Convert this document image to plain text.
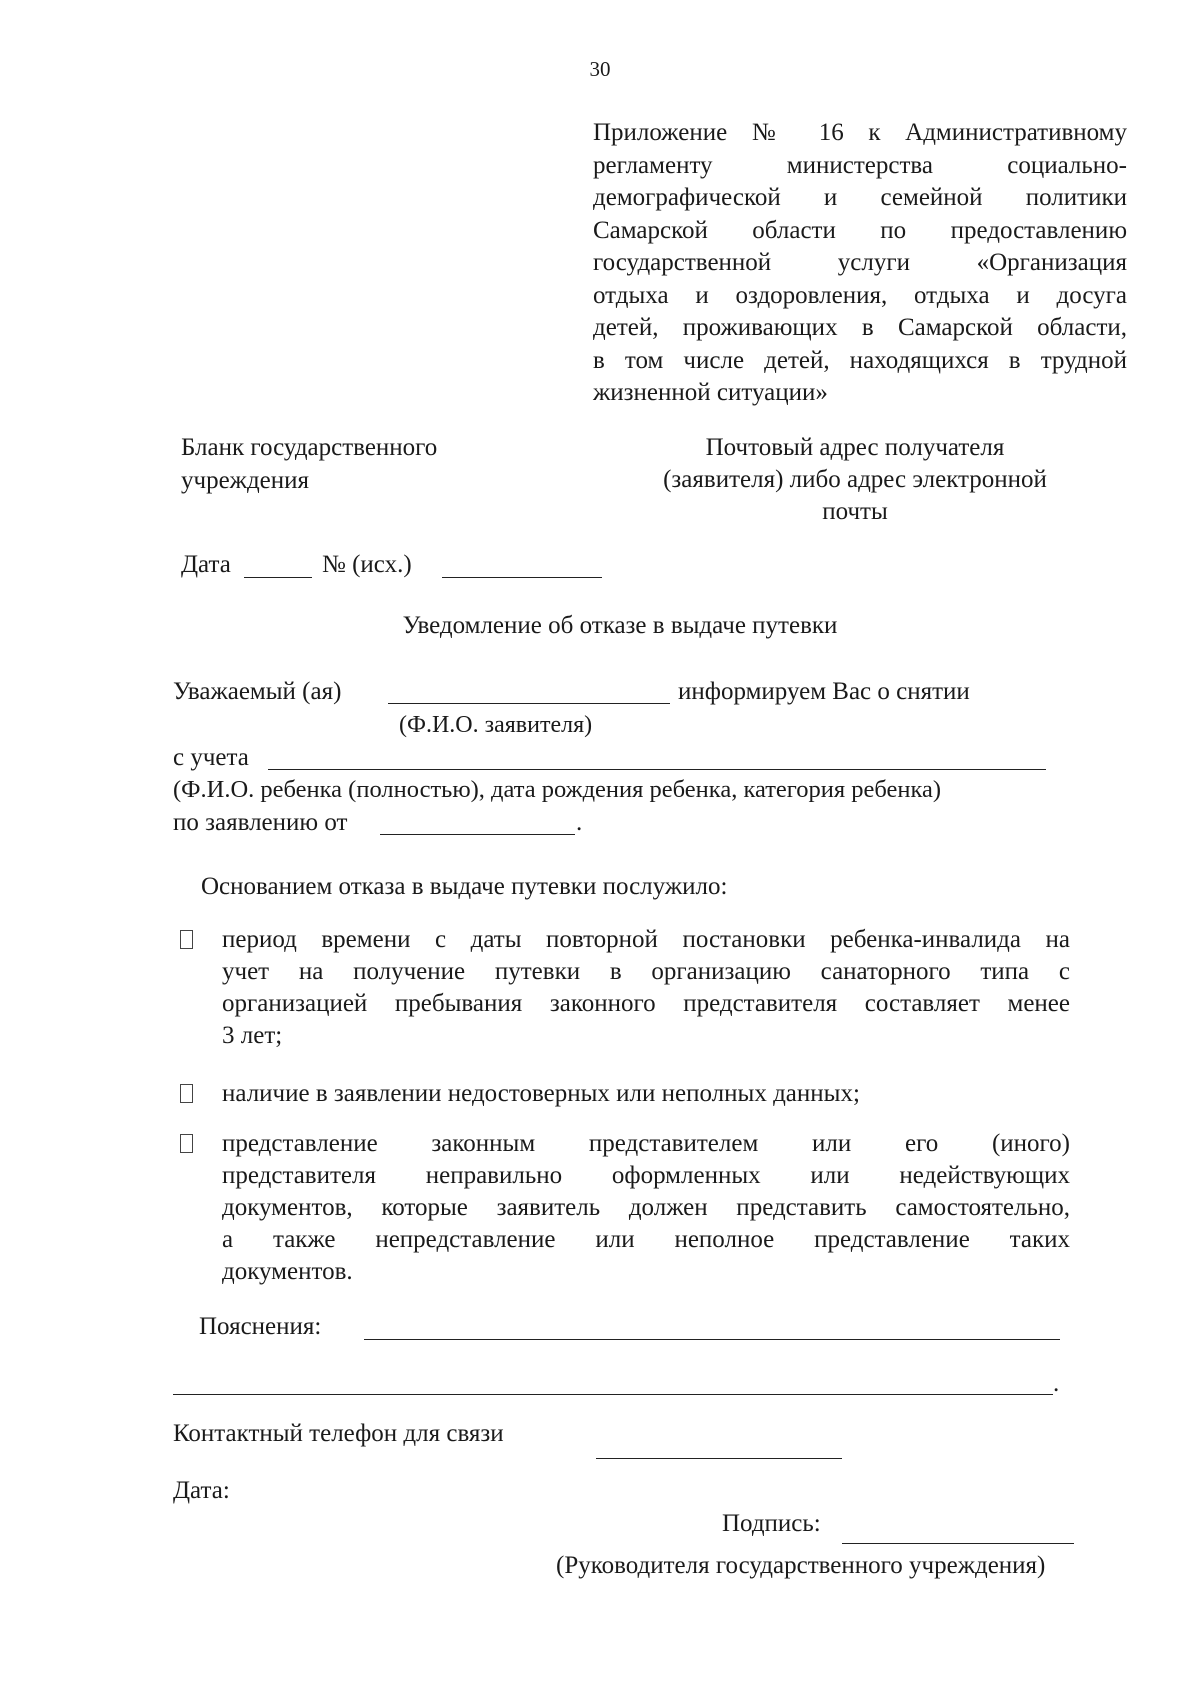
30
Приложение № 16 к Административному
регламенту министерства социально-
демографической и семейной политики
Самарской области по предоставлению
государственной услуги «Организация
отдыха и оздоровления, отдыха и досуга
детей, проживающих в Самарской области,
в том числе детей, находящихся в трудной
жизненной ситуации»
Бланк государственного
учреждения
Почтовый адрес получателя
(заявителя) либо адрес электронной
почты
Дата	№ (исх.)
Уведомление об отказе в выдаче путевки
Уважаемый (ая)	информируем Вас о снятии
(Ф.И.О. заявителя)
с учета
(Ф.И.О. ребенка (полностью), дата рождения ребенка, категория ребенка)
по заявлению от	.
Основанием отказа в выдаче путевки послужило:
период времени с даты повторной постановки ребенка-инвалида на
учет на получение путевки в организацию санаторного типа с
организацией пребывания законного представителя составляет менее
3 лет;
наличие в заявлении недостоверных или неполных данных;
представление законным представителем или его (иного)
представителя неправильно оформленных или недействующих
документов, которые заявитель должен представить самостоятельно,
а также непредставление или неполное представление таких
документов.
Пояснения:
.
Контактный телефон для связи
Дата:
Подпись:
(Руководителя государственного учреждения)
